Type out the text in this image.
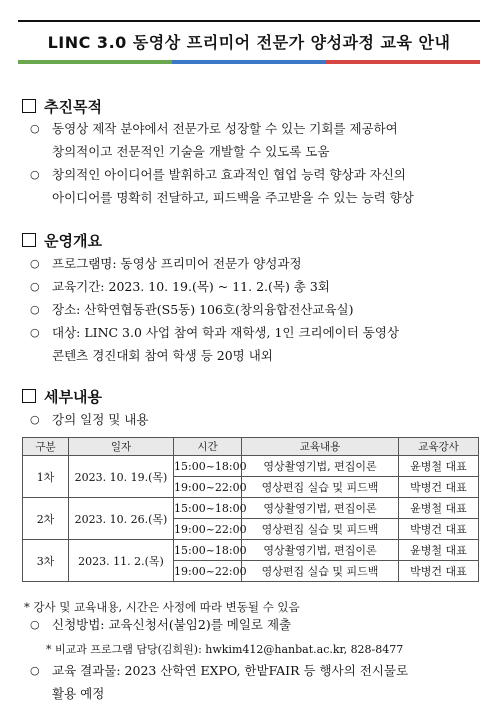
LINC 3.0 동영상 프리미어 전문가 양성과정 교육 안내
추진목적
○ 동영상 제작 분야에서 전문가로 성장할 수 있는 기회를 제공하여
창의적이고 전문적인 기술을 개발할 수 있도록 도움
○ 창의적인 아이디어를 발휘하고 효과적인 협업 능력 향상과 자신의
아이디어를 명확히 전달하고, 피드백을 주고받을 수 있는 능력 향상
운영개요
○ 프로그램명: 동영상 프리미어 전문가 양성과정
○ 교육기간: 2023. 10. 19.(목) ~ 11. 2.(목) 총 3회
○ 장소: 산학연협동관(S5동) 106호(창의융합전산교육실)
○ 대상: LINC 3.0 사업 참여 학과 재학생, 1인 크리에이터 동영상
콘텐츠 경진대회 참여 학생 등 20명 내외
세부내용
○ 강의 일정 및 내용
구분	일자	시간	교육내용	교육강사
1차	2023. 10. 19.(목)	15:00~18:00	영상촬영기법, 편집이론	윤병철 대표
		19:00~22:00	영상편집 실습 및 피드백	박병건 대표
2차	2023. 10. 26.(목)	15:00~18:00	영상촬영기법, 편집이론	윤병철 대표
		19:00~22:00	영상편집 실습 및 피드백	박병건 대표
3차	2023. 11. 2.(목)	15:00~18:00	영상촬영기법, 편집이론	윤병철 대표
		19:00~22:00	영상편집 실습 및 피드백	박병건 대표
* 강사 및 교육내용, 시간은 사정에 따라 변동될 수 있음
○ 신청방법: 교육신청서(붙임2)를 메일로 제출
* 비교과 프로그램 담당(김희원): hwkim412@hanbat.ac.kr, 828-8477
○ 교육 결과물: 2023 산학연 EXPO, 한밭FAIR 등 행사의 전시물로
활용 예정
